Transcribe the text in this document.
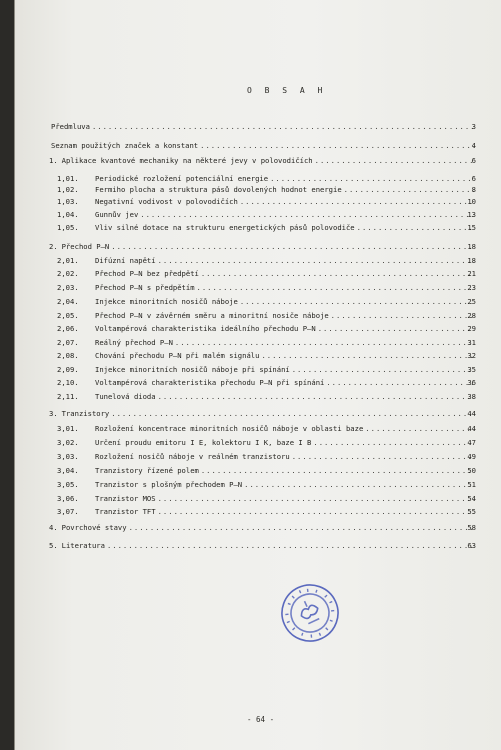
O B S A H
Předmluva .....	3
Seznam použitých značek a konstant .....	4
1. Aplikace kvantové mechaniky na některé jevy v polovodičích .....	6
1,01.	Periodické rozložení potenciální energie .....	6
1,02.	Fermiho plocha a struktura pásů dovolených hodnot energie .....	8
1,03.	Negativní vodivost v polovodičích .....	10
1,04.	Gunnův jev .....	13
1,05.	Vliv silné dotace na strukturu energetických pásů polovodiče .....	15
2. Přechod P–N .....	18
2,01.	Difúzní napětí .....	18
2,02.	Přechod P–N bez předpětí .....	21
2,03.	Přechod P–N s předpětím .....	23
2,04.	Injekce minoritních nosičů náboje .....	25
2,05.	Přechod P–N v závěrném směru a minoritní nosiče náboje .....	28
2,06.	Voltampérová charakteristika ideálního přechodu P–N .....	29
2,07.	Reálný přechod P–N .....	31
2,08.	Chování přechodu P–N při malém signálu .....	32
2,09.	Injekce minoritních nosičů náboje při spínání .....	35
2,10.	Voltampérová charakteristika přechodu P–N při spínání .....	36
2,11.	Tunelová dioda .....	38
3. Tranzistory .....	44
3,01.	Rozložení koncentrace minoritních nosičů náboje v oblasti baze .....	44
3,02.	Určení proudu emitoru I E, kolektoru I K, baze I B .....	47
3,03.	Rozložení nosičů náboje v reálném tranzistoru .....	49
3,04.	Tranzistory řízené polem .....	50
3,05.	Tranzistor s plošným přechodem P–N .....	51
3,06.	Tranzistor MOS .....	54
3,07.	Tranzistor TFT .....	55
4. Povrchové stavy .....	58
5. Literatura .....	63
- 64 -
